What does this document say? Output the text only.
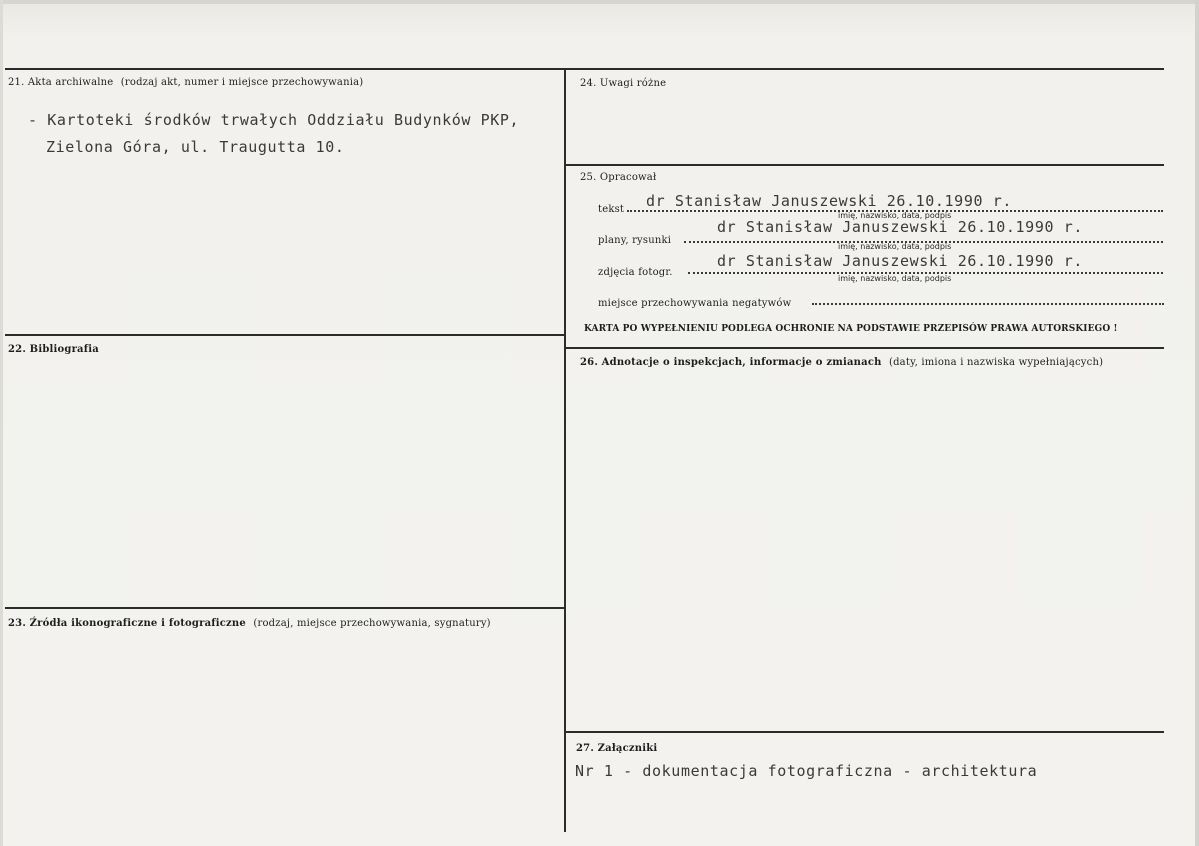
21. Akta archiwalne (rodzaj akt, numer i miejsce przechowywania)
- Kartoteki środków trwałych Oddziału Budynków PKP,
Zielona Góra, ul. Traugutta 10.
22. Bibliografia
23. Źródła ikonograficzne i fotograficzne (rodzaj, miejsce przechowywania, sygnatury)
24. Uwagi różne
25. Opracował
tekst dr Stanisław Januszewski 26.10.1990 r.
imię, nazwisko, data, podpis
dr Stanisław Januszewski 26.10.1990 r.
plany, rysunki
imię, nazwisko, data, podpis
dr Stanisław Januszewski 26.10.1990 r.
zdjęcia fotogr.
imię, nazwisko, data, podpis
miejsce przechowywania negatywów
KARTA PO WYPEŁNIENIU PODLEGA OCHRONIE NA PODSTAWIE PRZEPISÓW PRAWA AUTORSKIEGO !
26. Adnotacje o inspekcjach, informacje o zmianach (daty, imiona i nazwiska wypełniających)
27. Załączniki
Nr 1 - dokumentacja fotograficzna - architektura
